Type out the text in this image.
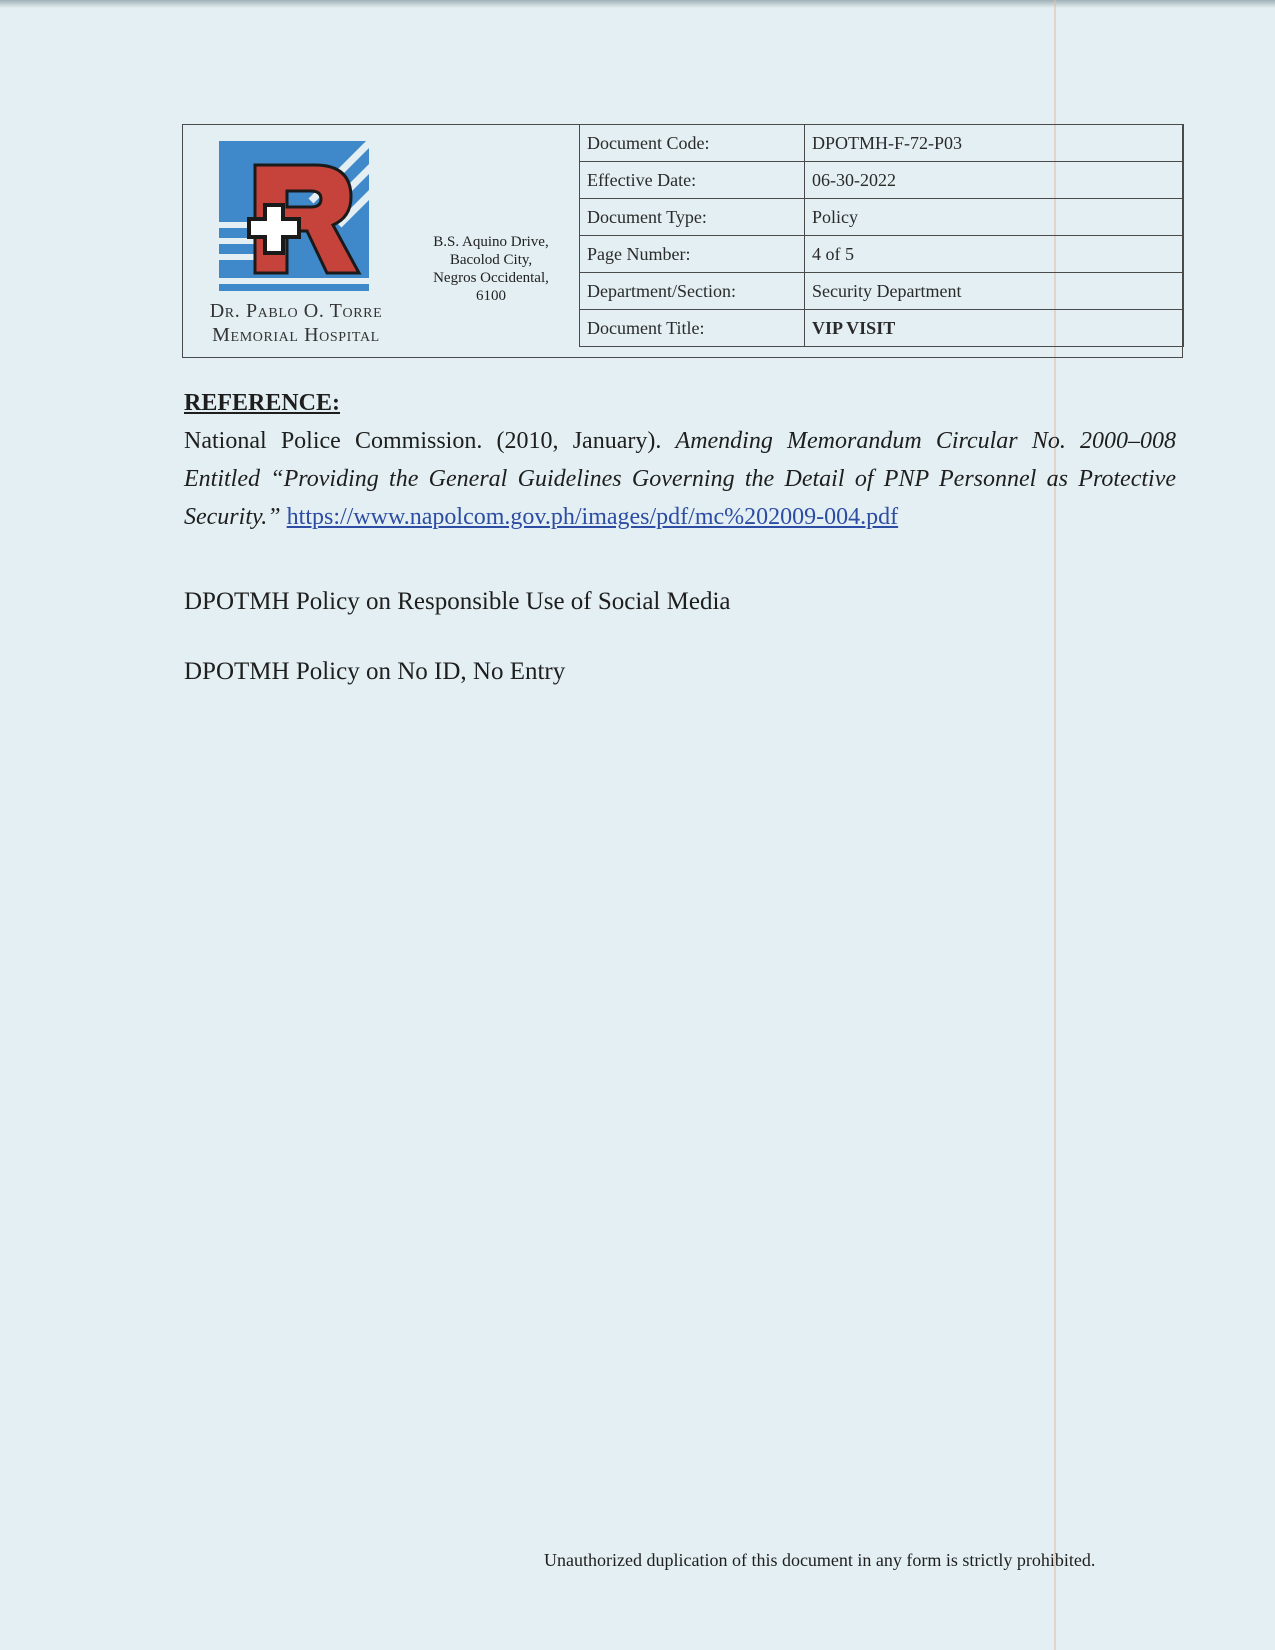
Dr. Pablo O. Torre
Memorial Hospital
B.S. Aquino Drive,
Bacolod City,
Negros Occidental,
6100
Document Code:	DPOTMH-F-72-P03
Effective Date:	06-30-2022
Document Type:	Policy
Page Number:	4 of 5
Department/Section:	Security Department
Document Title:	VIP VISIT
REFERENCE:
National Police Commission. (2010, January). Amending Memorandum Circular No. 2000–008 Entitled “Providing the General Guidelines Governing the Detail of PNP Personnel as Protective Security.” https://www.napolcom.gov.ph/images/pdf/mc%202009-004.pdf
DPOTMH Policy on Responsible Use of Social Media
DPOTMH Policy on No ID, No Entry
Unauthorized duplication of this document in any form is strictly prohibited.
